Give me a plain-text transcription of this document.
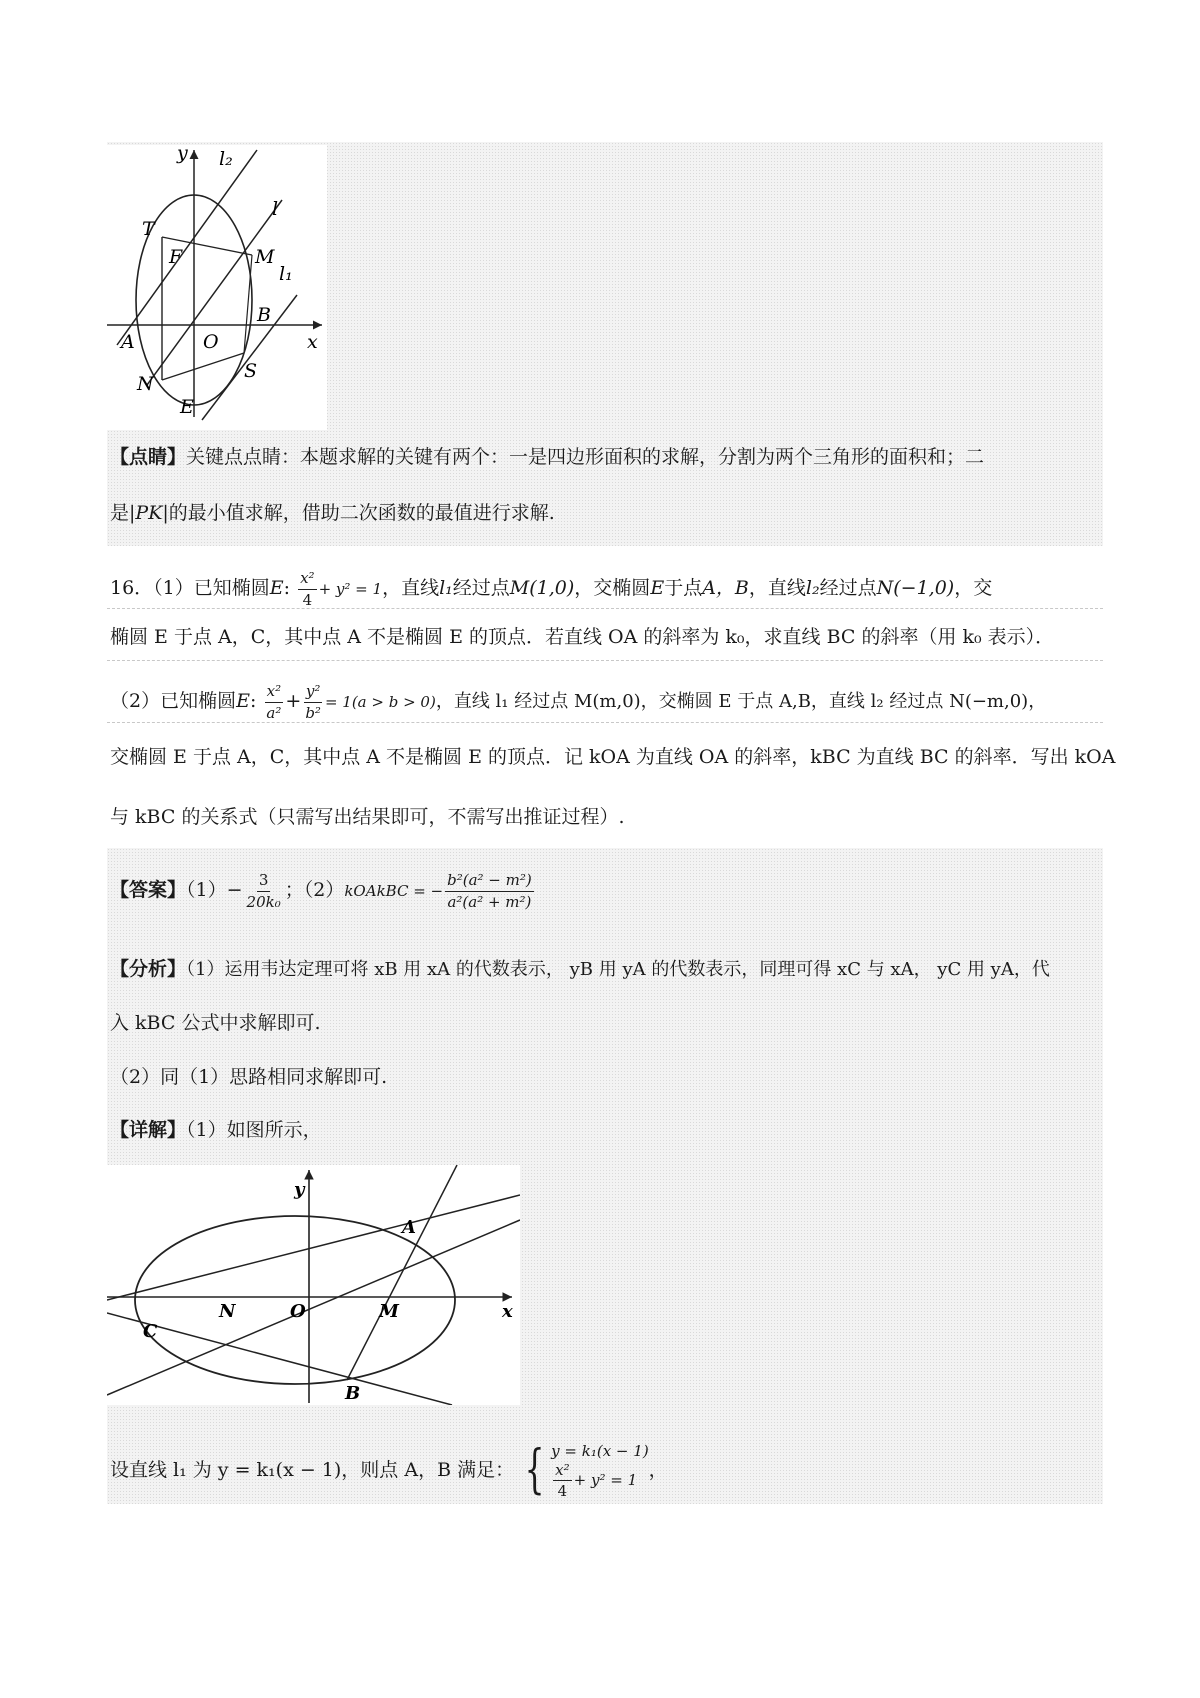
y l₂
l
l₁
T
F	M
B
A	O	x
N
S
E
【点睛】关键点点睛：本题求解的关键有两个：一是四边形面积的求解，分割为两个三角形的面积和；二
是|PK|的最小值求解，借助二次函数的最值进行求解.
16．（1）已知椭圆E: $\frac{\text{x²}}{4} + y^2 = 1$，直线l₁经过点M(1,0)，交椭圆E于点A，B，直线l₂经过点N(−1,0)，交
椭圆 E 于点 A，C，其中点 A 不是椭圆 E 的顶点．若直线 OA 的斜率为 k₀，求直线 BC 的斜率（用 k₀ 表示）．
（2）已知椭圆E: $\frac{\text{x²}}{\text{a²}} + \frac{\text{y²}}{\text{b²}} = 1(a > b > 0)$，直线 l₁ 经过点 M(m,0)，交椭圆 E 于点 A,B，直线 l₂ 经过点 N(−m,0)，
交椭圆 E 于点 A，C，其中点 A 不是椭圆 E 的顶点．记 kOA 为直线 OA 的斜率，kBC 为直线 BC 的斜率．写出 kOA
与 kBC 的关系式（只需写出结果即可，不需写出推证过程）.
【答案】$(1)- \frac{3}{\text{20k₀}}$ ；（2）kOAkBC = − $\frac{\text{b²(a² − m²)}}{\text{a²(a² + m²)}}$
【分析】（1）运用韦达定理可将 xB 用 xA 的代数表示， yB 用 yA 的代数表示，同理可得 xC 与 xA， yC 用 yA，代
入 kBC 公式中求解即可.
（2）同（1）思路相同求解即可.
【详解】（1）如图所示，
y
A
N	O	M	x
C
B
设直线 l₁ 为 y = k₁(x − 1)，则点 A，B 满足： { y = k₁(x − 1)
$\frac{\text{x²}}{4} + y^2 = 1$ ，
